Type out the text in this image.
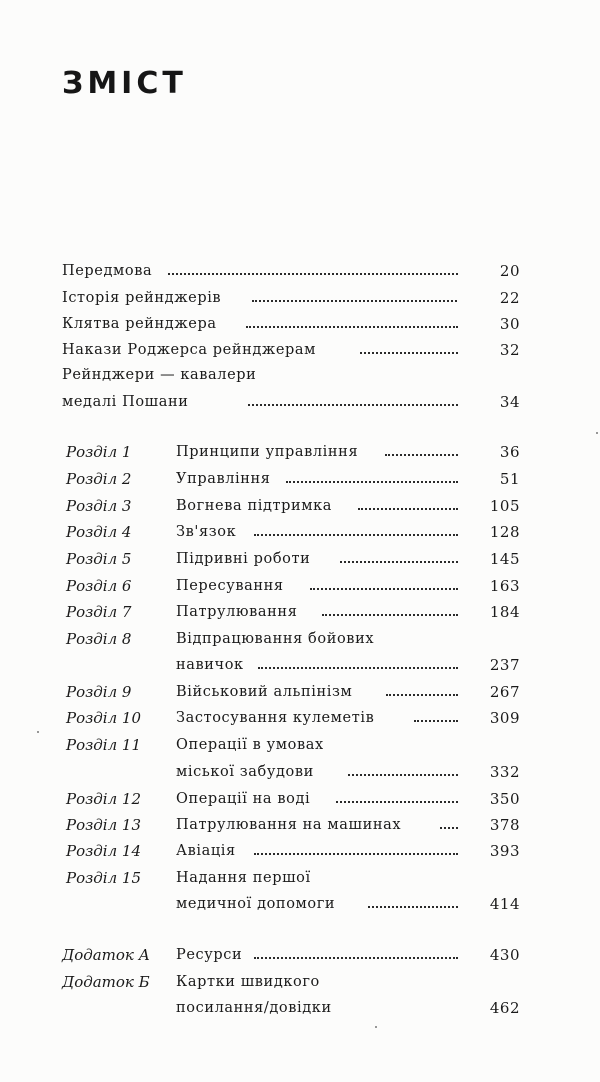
ЗМІСТ
Передмова	20
Історія рейнджерів	22
Клятва рейнджера	30
Накази Роджерса рейнджерам	32
Рейнджери — кавалери
медалі Пошани	34
Розділ 1	Принципи управління	36
Розділ 2	Управління	51
Розділ 3	Вогнева підтримка	105
Розділ 4	Зв'язок	128
Розділ 5	Підривні роботи	145
Розділ 6	Пересування	163
Розділ 7	Патрулювання	184
Розділ 8	Відпрацювання бойових
навичок	237
Розділ 9	Військовий альпінізм	267
Розділ 10 Застосування кулеметів	309
Розділ 11 Операції в умовах
міської забудови	332
Розділ 12 Операції на воді	350
Розділ 13 Патрулювання на машинах	378
Розділ 14 Авіація	393
Розділ 15 Надання першої
медичної допомоги	414
Додаток А Ресурси	430
Додаток Б Картки швидкого
посилання/довідки	462
